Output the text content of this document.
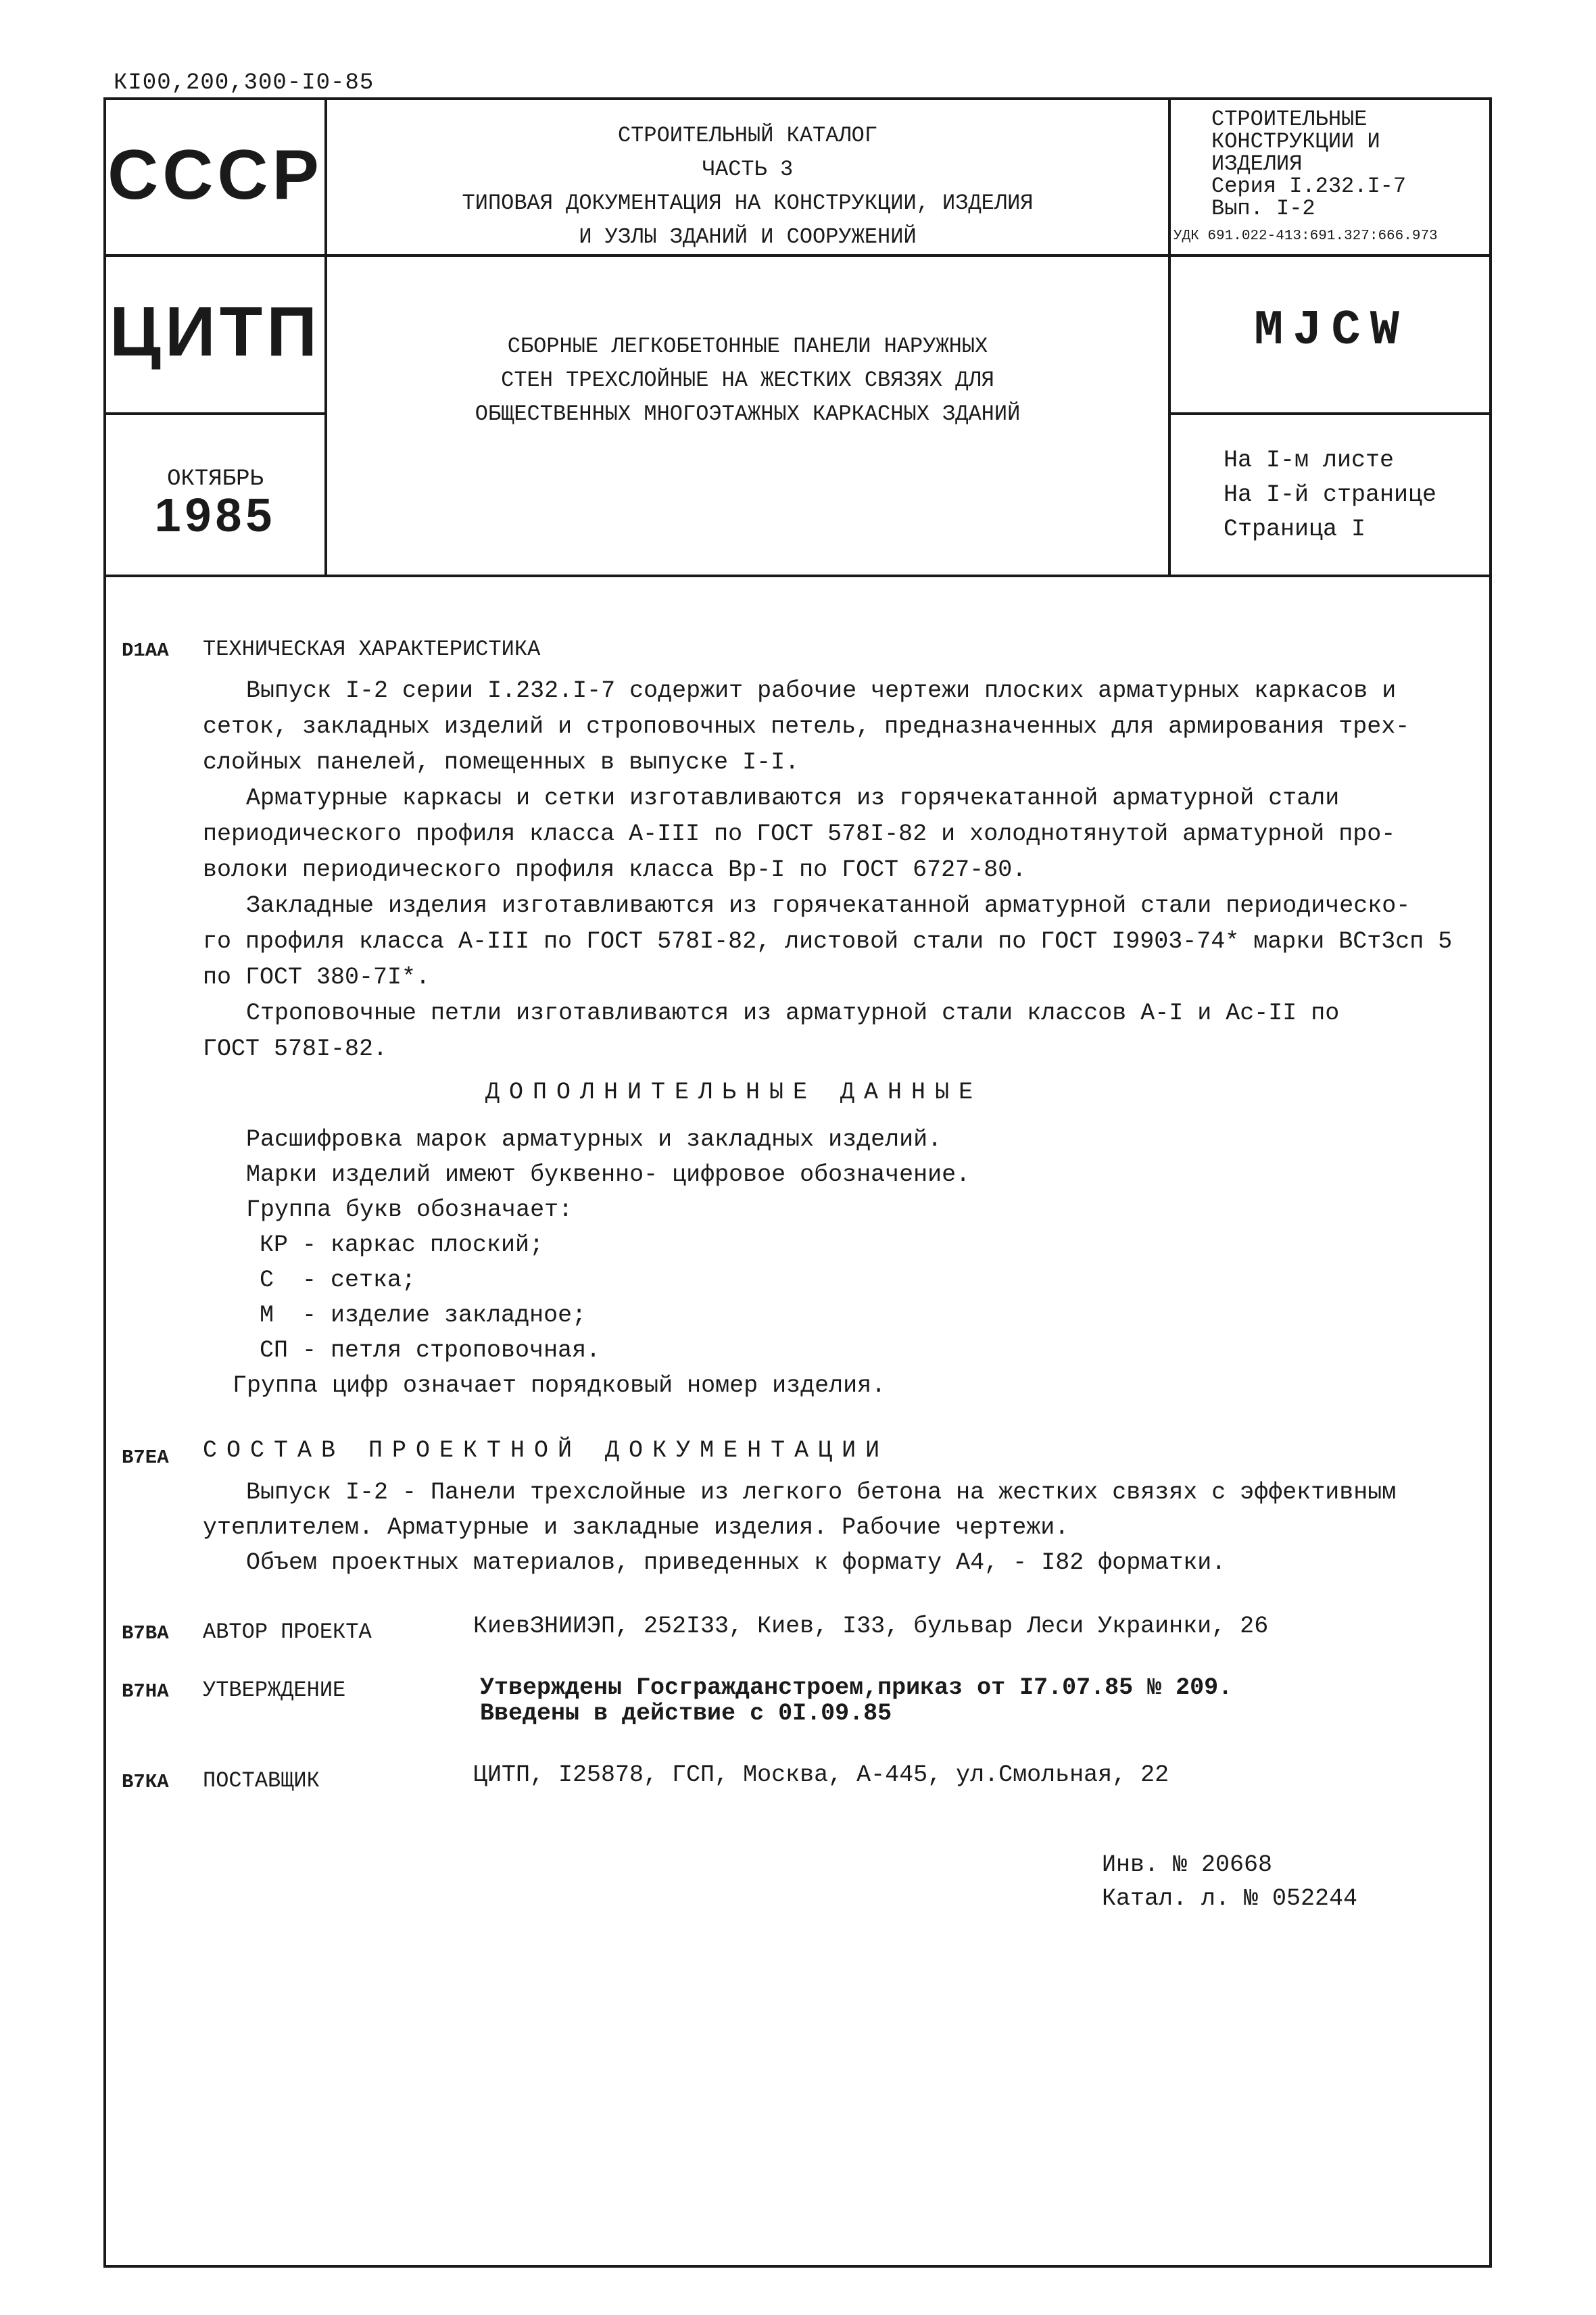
КI00,200,300-I0-85
СССР
ЦИТП
ОКТЯБРЬ
1985
СТРОИТЕЛЬНЫЙ КАТАЛОГ
ЧАСТЬ 3
ТИПОВАЯ ДОКУМЕНТАЦИЯ НА КОНСТРУКЦИИ, ИЗДЕЛИЯ
И УЗЛЫ ЗДАНИЙ И СООРУЖЕНИЙ
СБОРНЫЕ ЛЕГКОБЕТОННЫЕ ПАНЕЛИ НАРУЖНЫХ
СТЕН ТРЕХСЛОЙНЫЕ НА ЖЕСТКИХ СВЯЗЯХ ДЛЯ
ОБЩЕСТВЕННЫХ МНОГОЭТАЖНЫХ КАРКАСНЫХ ЗДАНИЙ
СТРОИТЕЛЬНЫЕ
КОНСТРУКЦИИ И
ИЗДЕЛИЯ
Серия I.232.I-7
Вып. I-2
УДК 691.022-413:691.327:666.973
MJCW
На I-м листе
На I-й странице
Страница I
D1AA ТЕХНИЧЕСКАЯ ХАРАКТЕРИСТИКА
Выпуск I-2 серии I.232.I-7 содержит рабочие чертежи плоских арматурных каркасов и
сеток, закладных изделий и строповочных петель, предназначенных для армирования трех-
слойных панелей, помещенных в выпуске I-I.
Арматурные каркасы и сетки изготавливаются из горячекатанной арматурной стали
периодического профиля класса А-III по ГОСТ 578I-82 и холоднотянутой арматурной про-
волоки периодического профиля класса Вр-I по ГОСТ 6727-80.
Закладные изделия изготавливаются из горячекатанной арматурной стали периодическо-
го профиля класса А-III по ГОСТ 578I-82, листовой стали по ГОСТ I9903-74* марки ВСт3сп 5
по ГОСТ 380-7I*.
Строповочные петли изготавливаются из арматурной стали классов А-I и Ас-II по
ГОСТ 578I-82.
ДОПОЛНИТЕЛЬНЫЕ ДАННЫЕ
Расшифровка марок арматурных и закладных изделий.
Марки изделий имеют буквенно- цифровое обозначение.
Группа букв обозначает:
КР - каркас плоский;
С  - сетка;
М  - изделие закладное;
СП - петля строповочная.
Группа цифр означает порядковый номер изделия.
В7ЕА СОСТАВ ПРОЕКТНОЙ ДОКУМЕНТАЦИИ
Выпуск I-2 - Панели трехслойные из легкого бетона на жестких связях с эффективным
утеплителем. Арматурные и закладные изделия. Рабочие чертежи.
Объем проектных материалов, приведенных к формату А4, - I82 форматки.
В7ВА АВТОР ПРОЕКТА	КиевЗНИИЭП, 252I33, Киев, I33, бульвар Леси Украинки, 26
В7НА УТВЕРЖДЕНИЕ	Утверждены Госгражданстроем,приказ от I7.07.85 № 209.
Введены в действие с 0I.09.85
В7КА ПОСТАВЩИК	ЦИТП, I25878, ГСП, Москва, А-445, ул.Смольная, 22
Инв. № 20668
Катал. л. № 052244
